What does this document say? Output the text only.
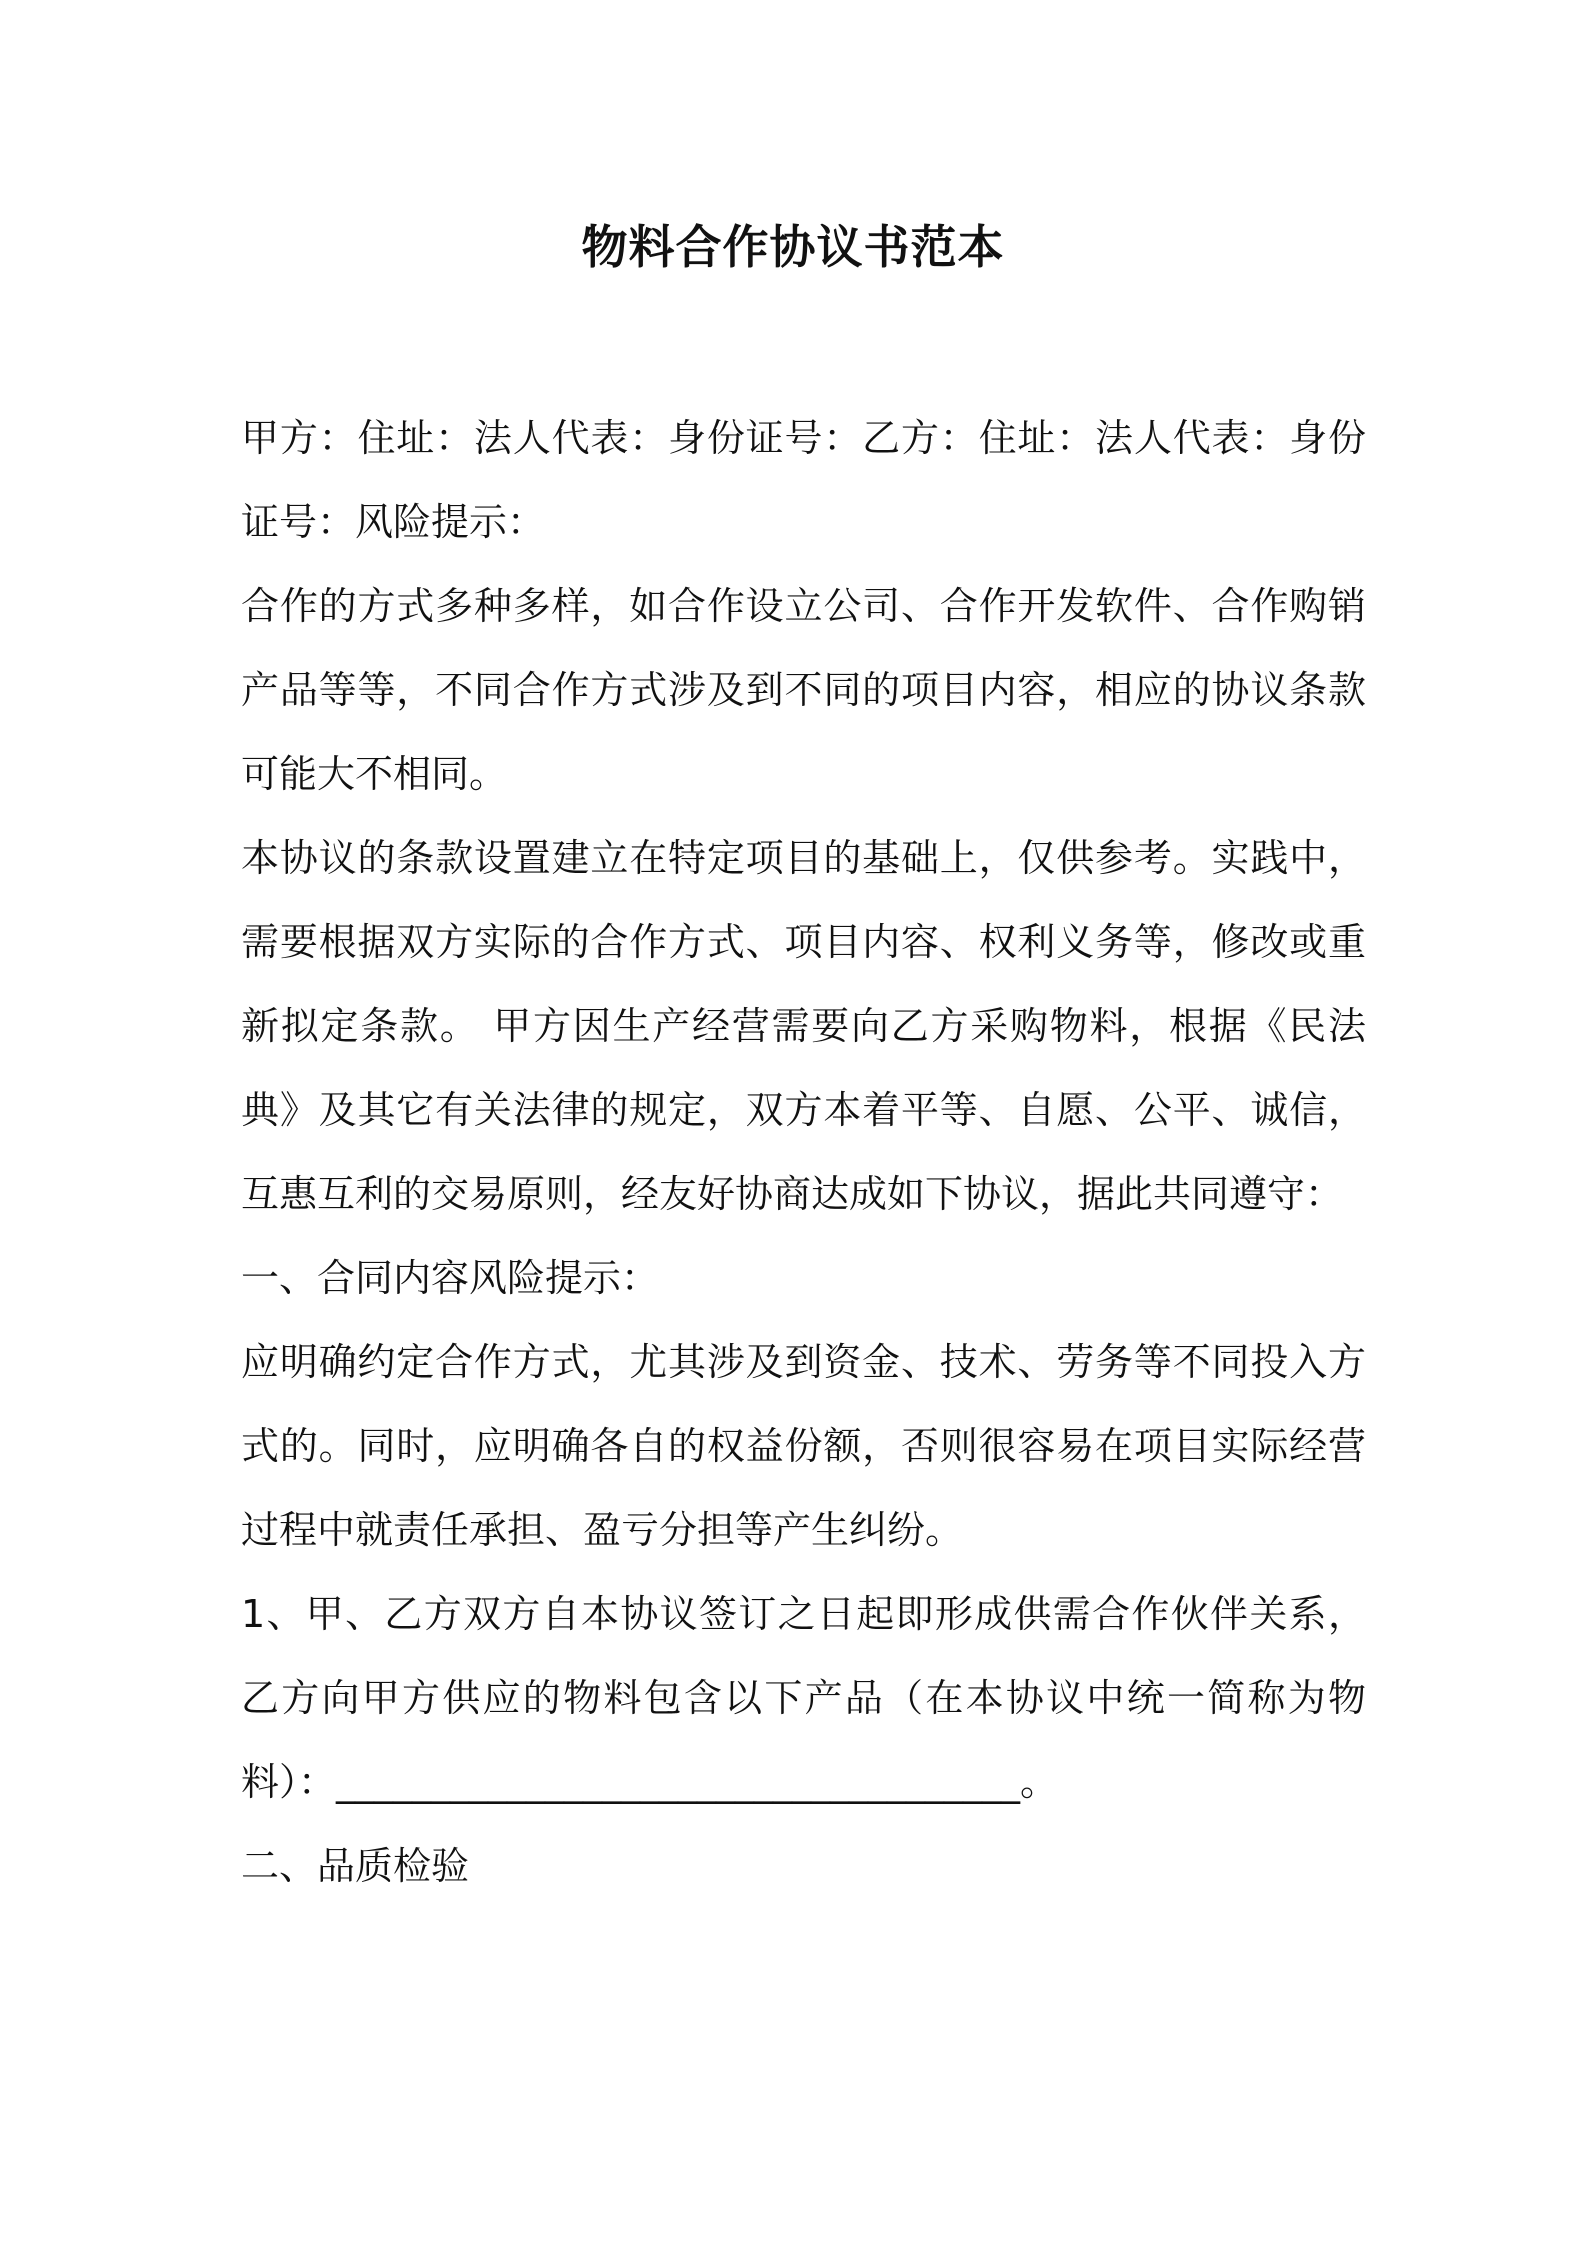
物料合作协议书范本

甲方：住址：法人代表：身份证号：乙方：住址：法人代表：身份证号：风险提示：

合作的方式多种多样，如合作设立公司、合作开发软件、合作购销产品等等，不同合作方式涉及到不同的项目内容，相应的协议条款可能大不相同。

本协议的条款设置建立在特定项目的基础上，仅供参考。实践中，需要根据双方实际的合作方式、项目内容、权利义务等，修改或重新拟定条款。 甲方因生产经营需要向乙方采购物料，根据《民法典》及其它有关法律的规定，双方本着平等、自愿、公平、诚信，互惠互利的交易原则，经友好协商达成如下协议，据此共同遵守：

一、合同内容风险提示：

应明确约定合作方式，尤其涉及到资金、技术、劳务等不同投入方式的。同时，应明确各自的权益份额，否则很容易在项目实际经营过程中就责任承担、盈亏分担等产生纠纷。

1、甲、乙方双方自本协议签订之日起即形成供需合作伙伴关系，乙方向甲方供应的物料包含以下产品（在本协议中统一简称为物料）：____________________________________。

二、品质检验
